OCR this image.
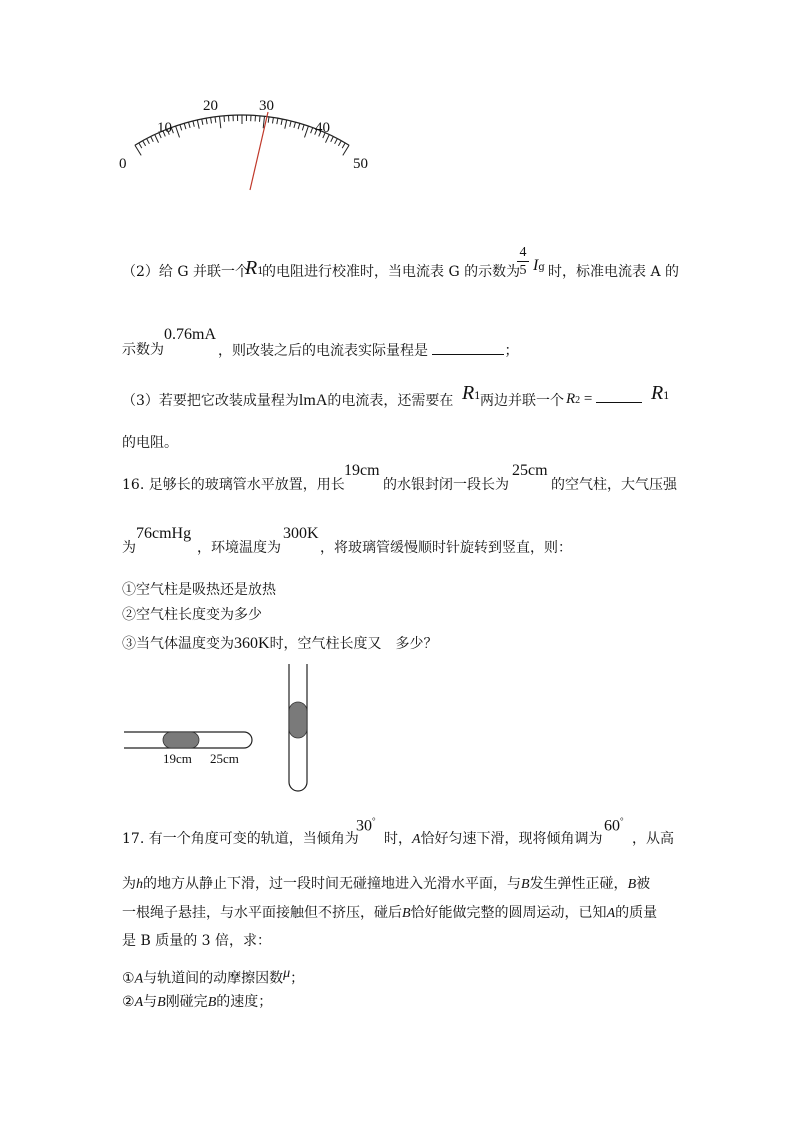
0
10
20	30
40
50
（2）给 G 并联一个
R1
的电阻进行校准时，当电流表 G 的示数为
$\frac{4}{5}$ Ig 时，标准电流表 A 的
示数为
0.76mA
，则改装之后的电流表实际量程是	；
（3）若要把它改装成量程为lmA的电流表，还需要在 R1 两边并联一个 R2 =	R1
的电阻。
16. 足够长的玻璃管水平放置，用长
19cm
的水银封闭一段长为
25cm
的空气柱，大气压强
为
76cmHg
，环境温度为
300K
，将玻璃管缓慢顺时针旋转到竖直，则：
①空气柱是吸热还是放热
②空气柱长度变为多少
③当气体温度变为360K时，空气柱长度又　多少？
19cm 25cm
17. 有一个角度可变的轨道，当倾角为
30°
时，A恰好匀速下滑，现将倾角调为
60°
，从高
为h的地方从静止下滑，过一段时间无碰撞地进入光滑水平面，与B发生弹性正碰，B被
一根绳子悬挂，与水平面接触但不挤压，碰后B恰好能做完整的圆周运动，已知A的质量
是 B 质量的 3 倍，求：
①A与轨道间的动摩擦因数$^\mu$；
②A与B刚碰完B的速度；
